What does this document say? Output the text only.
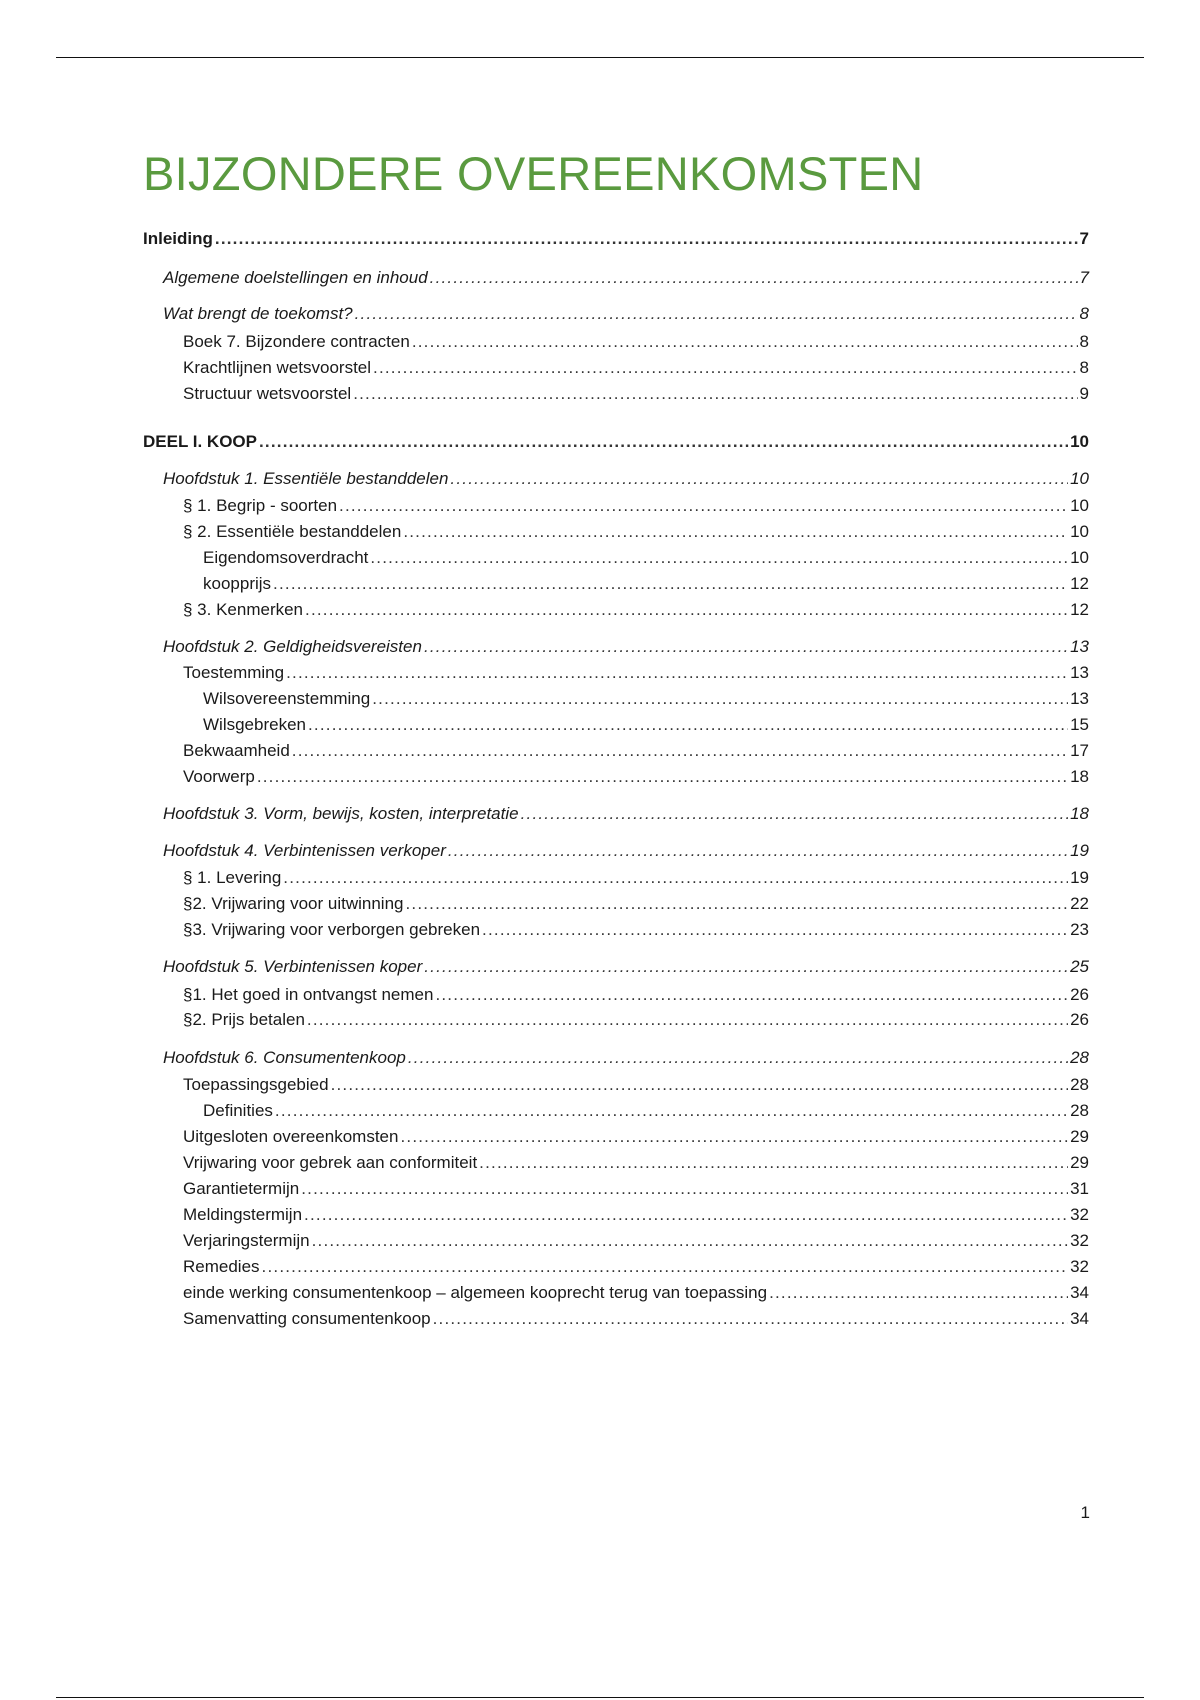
BIJZONDERE OVEREENKOMSTEN
Inleiding .....	7
Algemene doelstellingen en inhoud .....	7
Wat brengt de toekomst? .....	8
Boek 7. Bijzondere contracten .....	8
Krachtlijnen wetsvoorstel .....	8
Structuur wetsvoorstel .....	9
DEEL I. KOOP .....	10
Hoofdstuk 1. Essentiële bestanddelen .....	10
§ 1. Begrip - soorten .....	10
§ 2. Essentiële bestanddelen .....	10
Eigendomsoverdracht .....	10
koopprijs .....	12
§ 3. Kenmerken .....	12
Hoofdstuk 2. Geldigheidsvereisten .....	13
Toestemming .....	13
Wilsovereenstemming .....	13
Wilsgebreken .....	15
Bekwaamheid .....	17
Voorwerp .....	18
Hoofdstuk 3. Vorm, bewijs, kosten, interpretatie .....	18
Hoofdstuk 4. Verbintenissen verkoper .....	19
§ 1. Levering .....	19
§2. Vrijwaring voor uitwinning .....	22
§3. Vrijwaring voor verborgen gebreken .....	23
Hoofdstuk 5. Verbintenissen koper .....	25
§1. Het goed in ontvangst nemen .....	26
§2. Prijs betalen .....	26
Hoofdstuk 6. Consumentenkoop .....	28
Toepassingsgebied .....	28
Definities .....	28
Uitgesloten overeenkomsten .....	29
Vrijwaring voor gebrek aan conformiteit .....	29
Garantietermijn .....	31
Meldingstermijn .....	32
Verjaringstermijn .....	32
Remedies .....	32
einde werking consumentenkoop – algemeen kooprecht terug van toepassing .....	34
Samenvatting consumentenkoop .....	34
1
